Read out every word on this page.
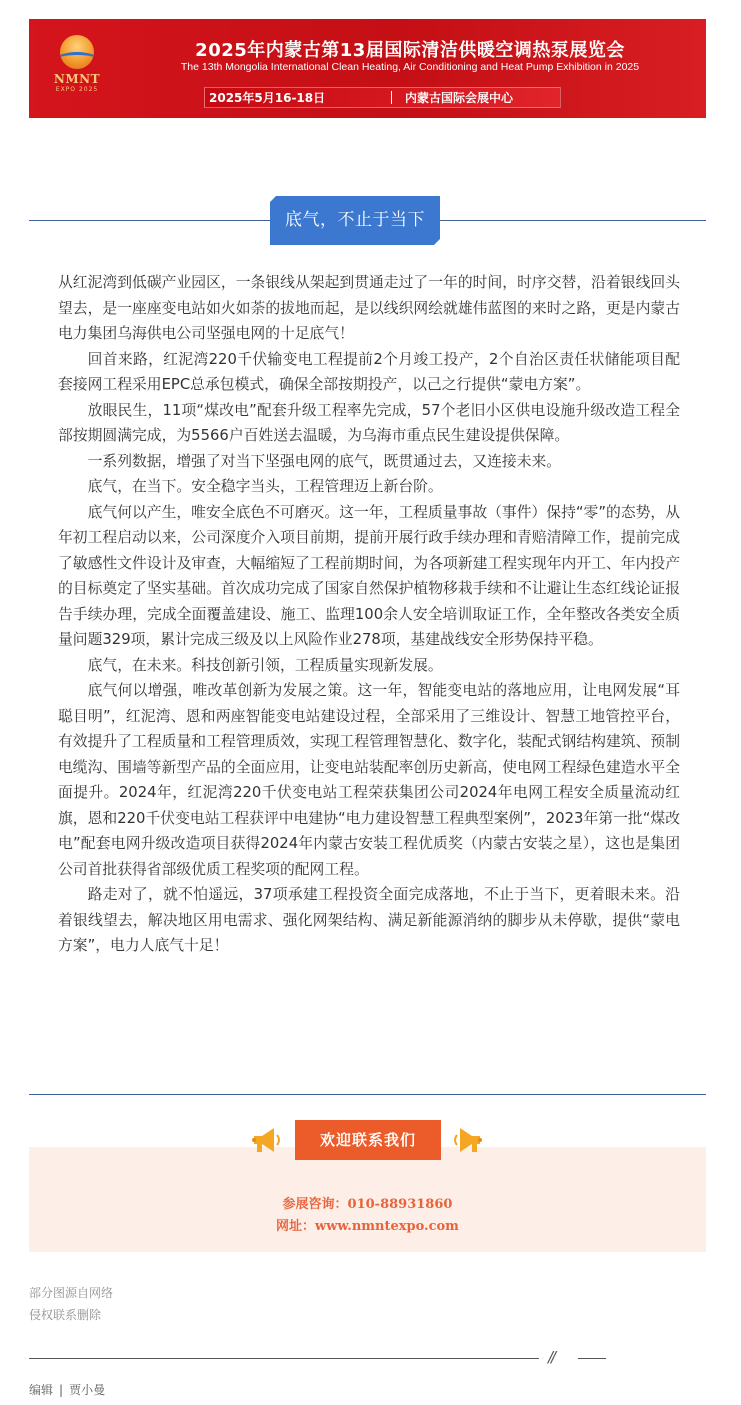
NMNT
EXPO 2025
2025年内蒙古第13届国际清洁供暖空调热泵展览会
The 13th Mongolia International Clean Heating, Air Conditioning and Heat Pump Exhibition in 2025
2025年5月16-18日	内蒙古国际会展中心
底气，不止于当下

从红泥湾到低碳产业园区，一条银线从架起到贯通走过了一年的时间，时序交替，沿着银线回头望去，是一座座变电站如火如荼的拔地而起，是以线织网绘就雄伟蓝图的来时之路，更是内蒙古电力集团乌海供电公司坚强电网的十足底气！

回首来路，红泥湾220千伏输变电工程提前2个月竣工投产，2个自治区责任状储能项目配套接网工程采用EPC总承包模式，确保全部按期投产，以己之行提供“蒙电方案”。

放眼民生，11项“煤改电”配套升级工程率先完成，57个老旧小区供电设施升级改造工程全部按期圆满完成，为5566户百姓送去温暖，为乌海市重点民生建设提供保障。

一系列数据，增强了对当下坚强电网的底气，既贯通过去，又连接未来。

底气，在当下。安全稳字当头，工程管理迈上新台阶。

底气何以产生，唯安全底色不可磨灭。这一年，工程质量事故（事件）保持“零”的态势，从年初工程启动以来，公司深度介入项目前期，提前开展行政手续办理和青赔清障工作，提前完成了敏感性文件设计及审查，大幅缩短了工程前期时间，为各项新建工程实现年内开工、年内投产的目标奠定了坚实基础。首次成功完成了国家自然保护植物移栽手续和不让避让生态红线论证报告手续办理，完成全面覆盖建设、施工、监理100余人安全培训取证工作，全年整改各类安全质量问题329项，累计完成三级及以上风险作业278项，基建战线安全形势保持平稳。

底气，在未来。科技创新引领，工程质量实现新发展。

底气何以增强，唯改革创新为发展之策。这一年，智能变电站的落地应用，让电网发展“耳聪目明”，红泥湾、恩和两座智能变电站建设过程，全部采用了三维设计、智慧工地管控平台，有效提升了工程质量和工程管理质效，实现工程管理智慧化、数字化，装配式钢结构建筑、预制电缆沟、围墙等新型产品的全面应用，让变电站装配率创历史新高，使电网工程绿色建造水平全面提升。2024年，红泥湾220千伏变电站工程荣获集团公司2024年电网工程安全质量流动红旗，恩和220千伏变电站工程获评中电建协“电力建设智慧工程典型案例”，2023年第一批“煤改电”配套电网升级改造项目获得2024年内蒙古安装工程优质奖（内蒙古安装之星），这也是集团公司首批获得省部级优质工程奖项的配网工程。

路走对了，就不怕遥远，37项承建工程投资全面完成落地，不止于当下，更着眼未来。沿着银线望去，解决地区用电需求、强化网架结构、满足新能源消纳的脚步从未停歇，提供“蒙电方案”，电力人底气十足！

欢迎联系我们
参展咨询：010-88931860
网址：www.nmntexpo.com
部分图源自网络
侵权联系删除
//
编辑 | 贾小曼
